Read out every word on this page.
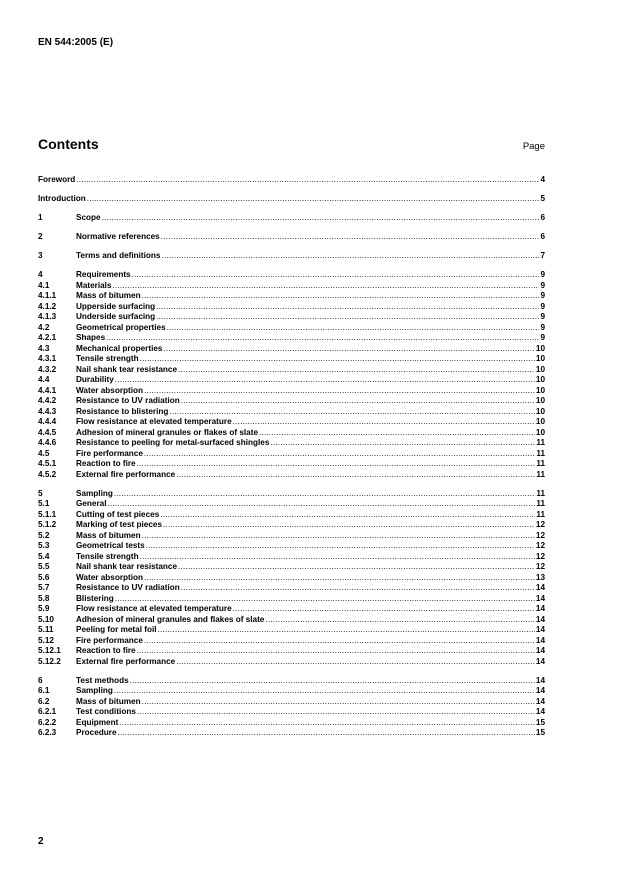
EN 544:2005 (E)
Contents	Page
Foreword .....	4
Introduction .....	5
1	Scope .....	6
2	Normative references .....	6
3	Terms and definitions .....	7
4	Requirements .....	9
4.1	Materials .....	9
4.1.1	Mass of bitumen .....	9
4.1.2	Upperside surfacing .....	9
4.1.3	Underside surfacing .....	9
4.2	Geometrical properties .....	9
4.2.1	Shapes .....	9
4.3	Mechanical properties .....	10
4.3.1	Tensile strength .....	10
4.3.2	Nail shank tear resistance .....	10
4.4	Durability .....	10
4.4.1	Water absorption .....	10
4.4.2	Resistance to UV radiation .....	10
4.4.3	Resistance to blistering .....	10
4.4.4	Flow resistance at elevated temperature .....	10
4.4.5	Adhesion of mineral granules or flakes of slate .....	10
4.4.6	Resistance to peeling for metal-surfaced shingles .....	11
4.5	Fire performance .....	11
4.5.1	Reaction to fire .....	11
4.5.2	External fire performance .....	11
5	Sampling .....	11
5.1	General .....	11
5.1.1	Cutting of test pieces .....	11
5.1.2	Marking of test pieces .....	12
5.2	Mass of bitumen .....	12
5.3	Geometrical tests .....	12
5.4	Tensile strength .....	12
5.5	Nail shank tear resistance .....	12
5.6	Water absorption .....	13
5.7	Resistance to UV radiation .....	14
5.8	Blistering .....	14
5.9	Flow resistance at elevated temperature .....	14
5.10	Adhesion of mineral granules and flakes of slate .....	14
5.11	Peeling for metal foil .....	14
5.12	Fire performance .....	14
5.12.1	Reaction to fire .....	14
5.12.2	External fire performance .....	14
6	Test methods .....	14
6.1	Sampling .....	14
6.2	Mass of bitumen .....	14
6.2.1	Test conditions .....	14
6.2.2	Equipment .....	15
6.2.3	Procedure .....	15
2
